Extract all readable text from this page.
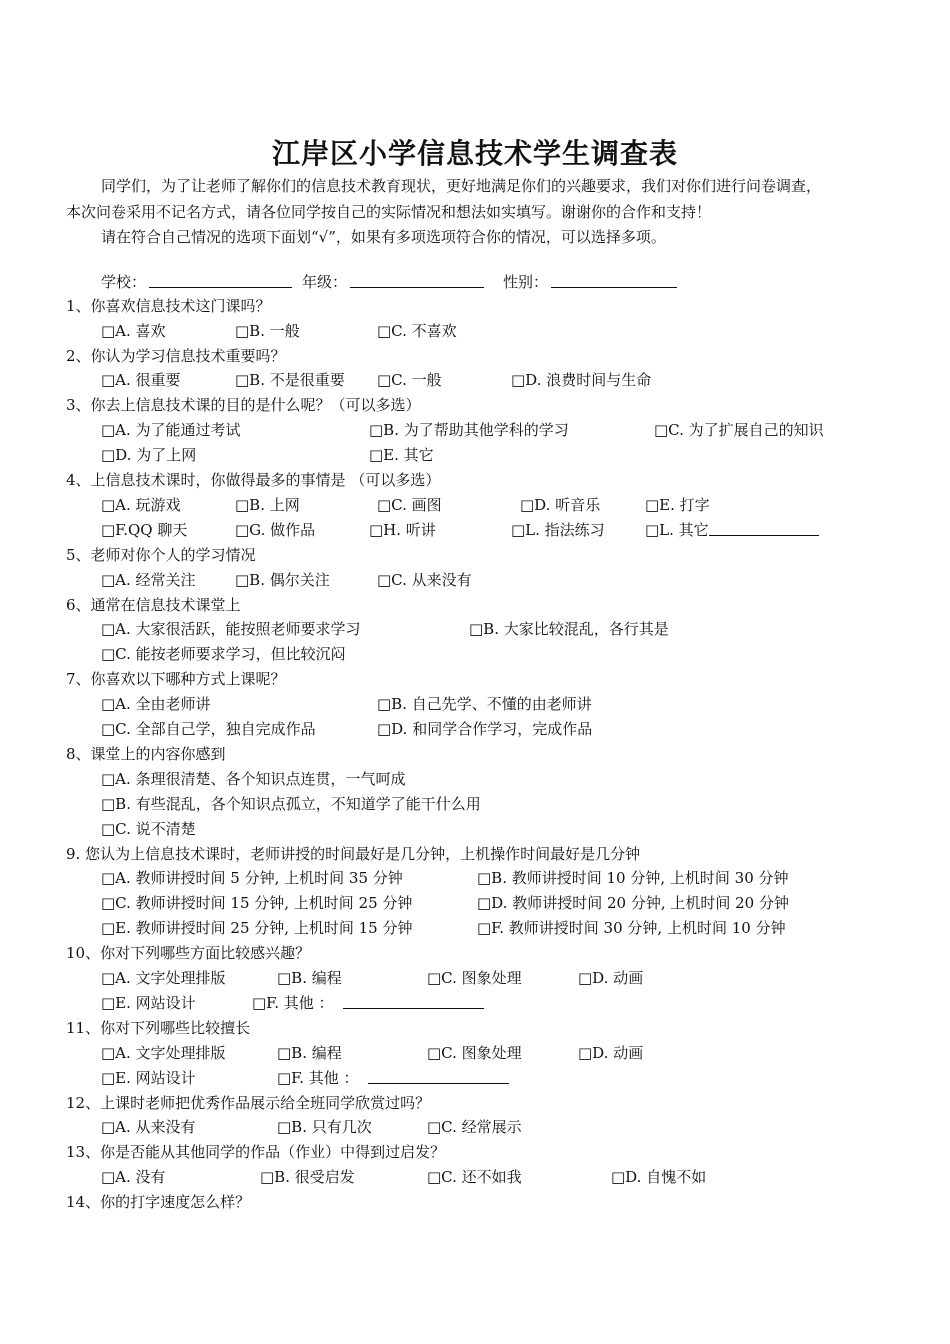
江岸区小学信息技术学生调查表
同学们，为了让老师了解你们的信息技术教育现状，更好地满足你们的兴趣要求，我们对你们进行问卷调查，
本次问卷采用不记名方式，请各位同学按自己的实际情况和想法如实填写。谢谢你的合作和支持！
请在符合自己情况的选项下面划“√”，如果有多项选项符合你的情况，可以选择多项。
学校：	年级：	性别：
1、你喜欢信息技术这门课吗？
□A. 喜欢	□B. 一般	□C. 不喜欢
2、你认为学习信息技术重要吗？
□A. 很重要	□B. 不是很重要 □C. 一般	□D. 浪费时间与生命
3、你去上信息技术课的目的是什么呢？（可以多选）
□A. 为了能通过考试	□B. 为了帮助其他学科的学习	□C. 为了扩展自己的知识
□D. 为了上网	□E. 其它
4、上信息技术课时，你做得最多的事情是 （可以多选）
□A. 玩游戏	□B. 上网	□C. 画图	□D. 听音乐	□E. 打字
□F.QQ 聊天	□G. 做作品	□H. 听讲	□L. 指法练习	□L. 其它
5、老师对你个人的学习情况
□A. 经常关注	□B. 偶尔关注	□C. 从来没有
6、通常在信息技术课堂上
□A. 大家很活跃，能按照老师要求学习	□B. 大家比较混乱，各行其是
□C. 能按老师要求学习，但比较沉闷
7、你喜欢以下哪种方式上课呢？
□A. 全由老师讲	□B. 自己先学、不懂的由老师讲
□C. 全部自己学，独自完成作品	□D. 和同学合作学习，完成作品
8、课堂上的内容你感到
□A. 条理很清楚、各个知识点连贯，一气呵成
□B. 有些混乱，各个知识点孤立，不知道学了能干什么用
□C. 说不清楚
9. 您认为上信息技术课时，老师讲授的时间最好是几分钟，上机操作时间最好是几分钟
□A. 教师讲授时间 5 分钟, 上机时间 35 分钟	□B. 教师讲授时间 10 分钟, 上机时间 30 分钟
□C. 教师讲授时间 15 分钟, 上机时间 25 分钟	□D. 教师讲授时间 20 分钟, 上机时间 20 分钟
□E. 教师讲授时间 25 分钟, 上机时间 15 分钟	□F. 教师讲授时间 30 分钟, 上机时间 10 分钟
10、你对下列哪些方面比较感兴趣？
□A. 文字处理排版	□B. 编程	□C. 图象处理	□D. 动画
□E. 网站设计	□F. 其他 ：
11、你对下列哪些比较擅长
□A. 文字处理排版	□B. 编程	□C. 图象处理	□D. 动画
□E. 网站设计	□F. 其他 ：
12、上课时老师把优秀作品展示给全班同学欣赏过吗？
□A. 从来没有	□B. 只有几次	□C. 经常展示
13、你是否能从其他同学的作品（作业）中得到过启发？
□A. 没有	□B. 很受启发	□C. 还不如我	□D. 自愧不如
14、你的打字速度怎么样？
